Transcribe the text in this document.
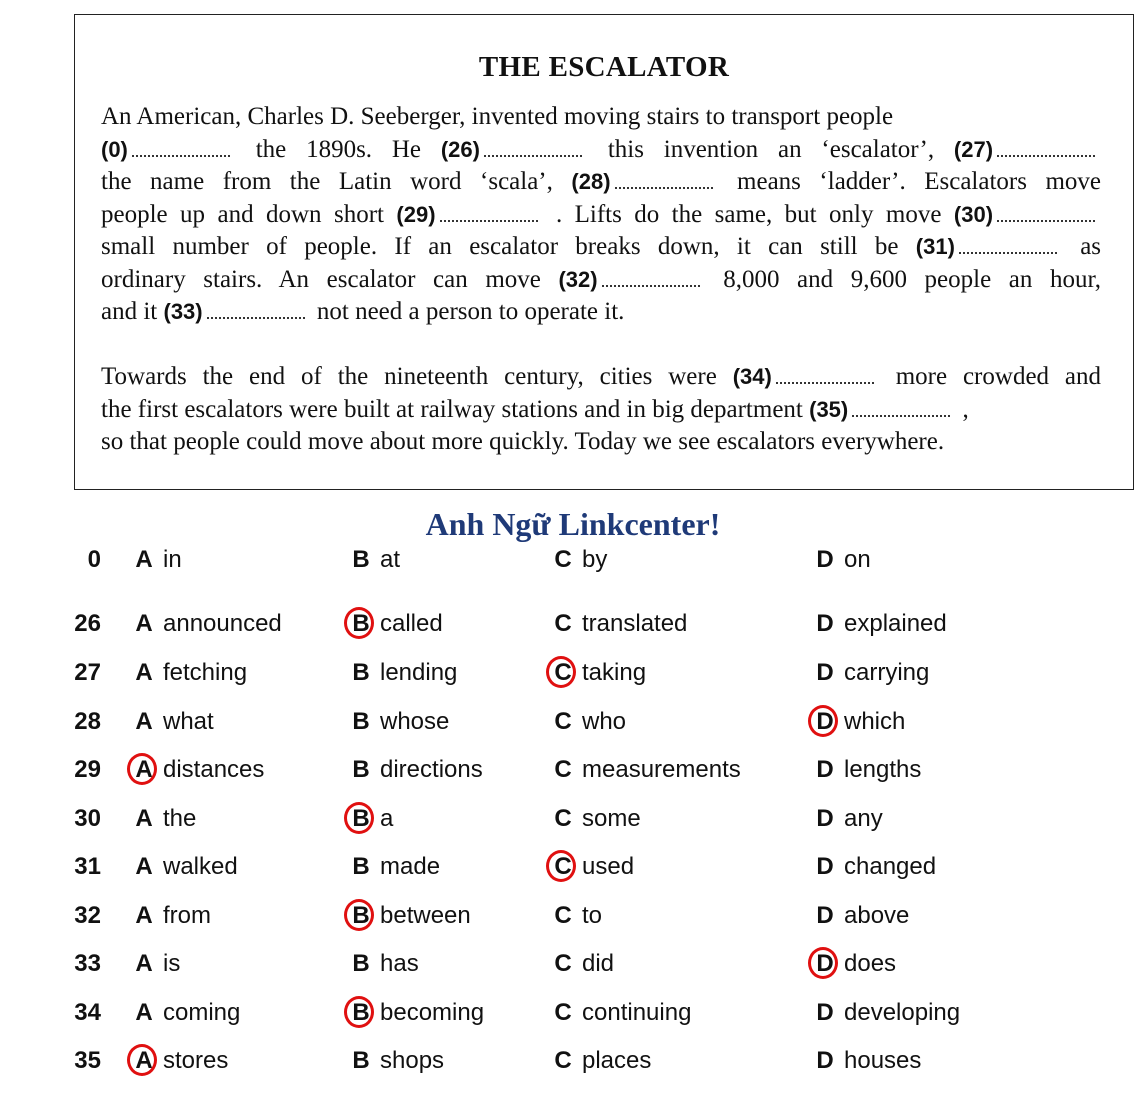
THE ESCALATOR
An American, Charles D. Seeberger, invented moving stairs to transport people
(0)	the 1890s. He (26)	this invention an ‘escalator’, (27)
the name from the Latin word ‘scala’, (28)	means ‘ladder’. Escalators move
people up and down short (29)	. Lifts do the same, but only move (30)
small number of people. If an escalator breaks down, it can still be (31)	as
ordinary stairs. An escalator can move (32)	8,000 and 9,600 people an hour,
and it (33)	not need a person to operate it.
Towards the end of the nineteenth century, cities were (34)	more crowded and
the first escalators were built at railway stations and in big department (35)	,
so that people could move about more quickly. Today we see escalators everywhere.
Anh Ngữ Linkcenter!
0 A in	B at	C by	D on
26 A announced	B called	C translated	D explained
27 A fetching	B lending	C taking	D carrying
28 A what	B whose	C who	D which
29 A distances	B directions	C measurements	D lengths
30 A the	B a	C some	D any
31 A walked	B made	C used	D changed
32 A from	B between	C to	D above
33 A is	B has	C did	D does
34 A coming	B becoming	C continuing	D developing
35 A stores	B shops	C places	D houses
